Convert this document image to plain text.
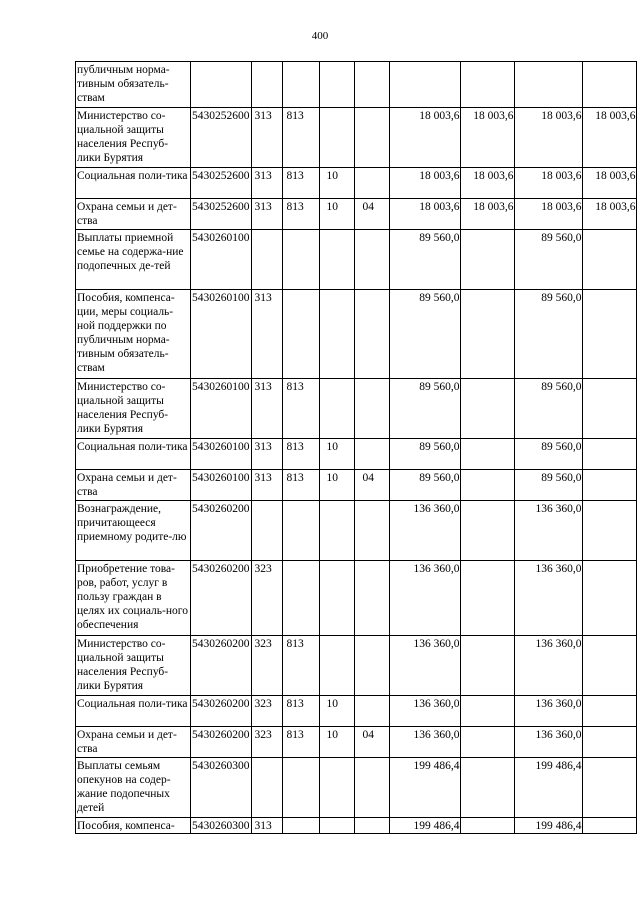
400
публичным норма-тивным обязатель-ствам									
Министерство со-циальной защиты населения Респуб-лики Бурятия	5430252600	313	813			18 003,6	18 003,6	18 003,6	18 003,6
Социальная поли-тика	5430252600	313	813	10		18 003,6	18 003,6	18 003,6	18 003,6
Охрана семьи и дет-ства	5430252600	313	813	10	04	18 003,6	18 003,6	18 003,6	18 003,6
Выплаты приемной семье на содержа-ние подопечных де-тей	5430260100					89 560,0		89 560,0	
Пособия, компенса-ции, меры социаль-ной поддержки по публичным норма-тивным обязатель-ствам	5430260100	313				89 560,0		89 560,0	
Министерство со-циальной защиты населения Респуб-лики Бурятия	5430260100	313	813			89 560,0		89 560,0	
Социальная поли-тика	5430260100	313	813	10		89 560,0		89 560,0	
Охрана семьи и дет-ства	5430260100	313	813	10	04	89 560,0		89 560,0	
Вознаграждение, причитающееся приемному родите-лю	5430260200					136 360,0		136 360,0	
Приобретение това-ров, работ, услуг в пользу граждан в целях их социаль-ного обеспечения	5430260200	323				136 360,0		136 360,0	
Министерство со-циальной защиты населения Респуб-лики Бурятия	5430260200	323	813			136 360,0		136 360,0	
Социальная поли-тика	5430260200	323	813	10		136 360,0		136 360,0	
Охрана семьи и дет-ства	5430260200	323	813	10	04	136 360,0		136 360,0	
Выплаты семьям опекунов на содер-жание подопечных детей	5430260300					199 486,4		199 486,4	
Пособия, компенса-	5430260300	313				199 486,4		199 486,4	
